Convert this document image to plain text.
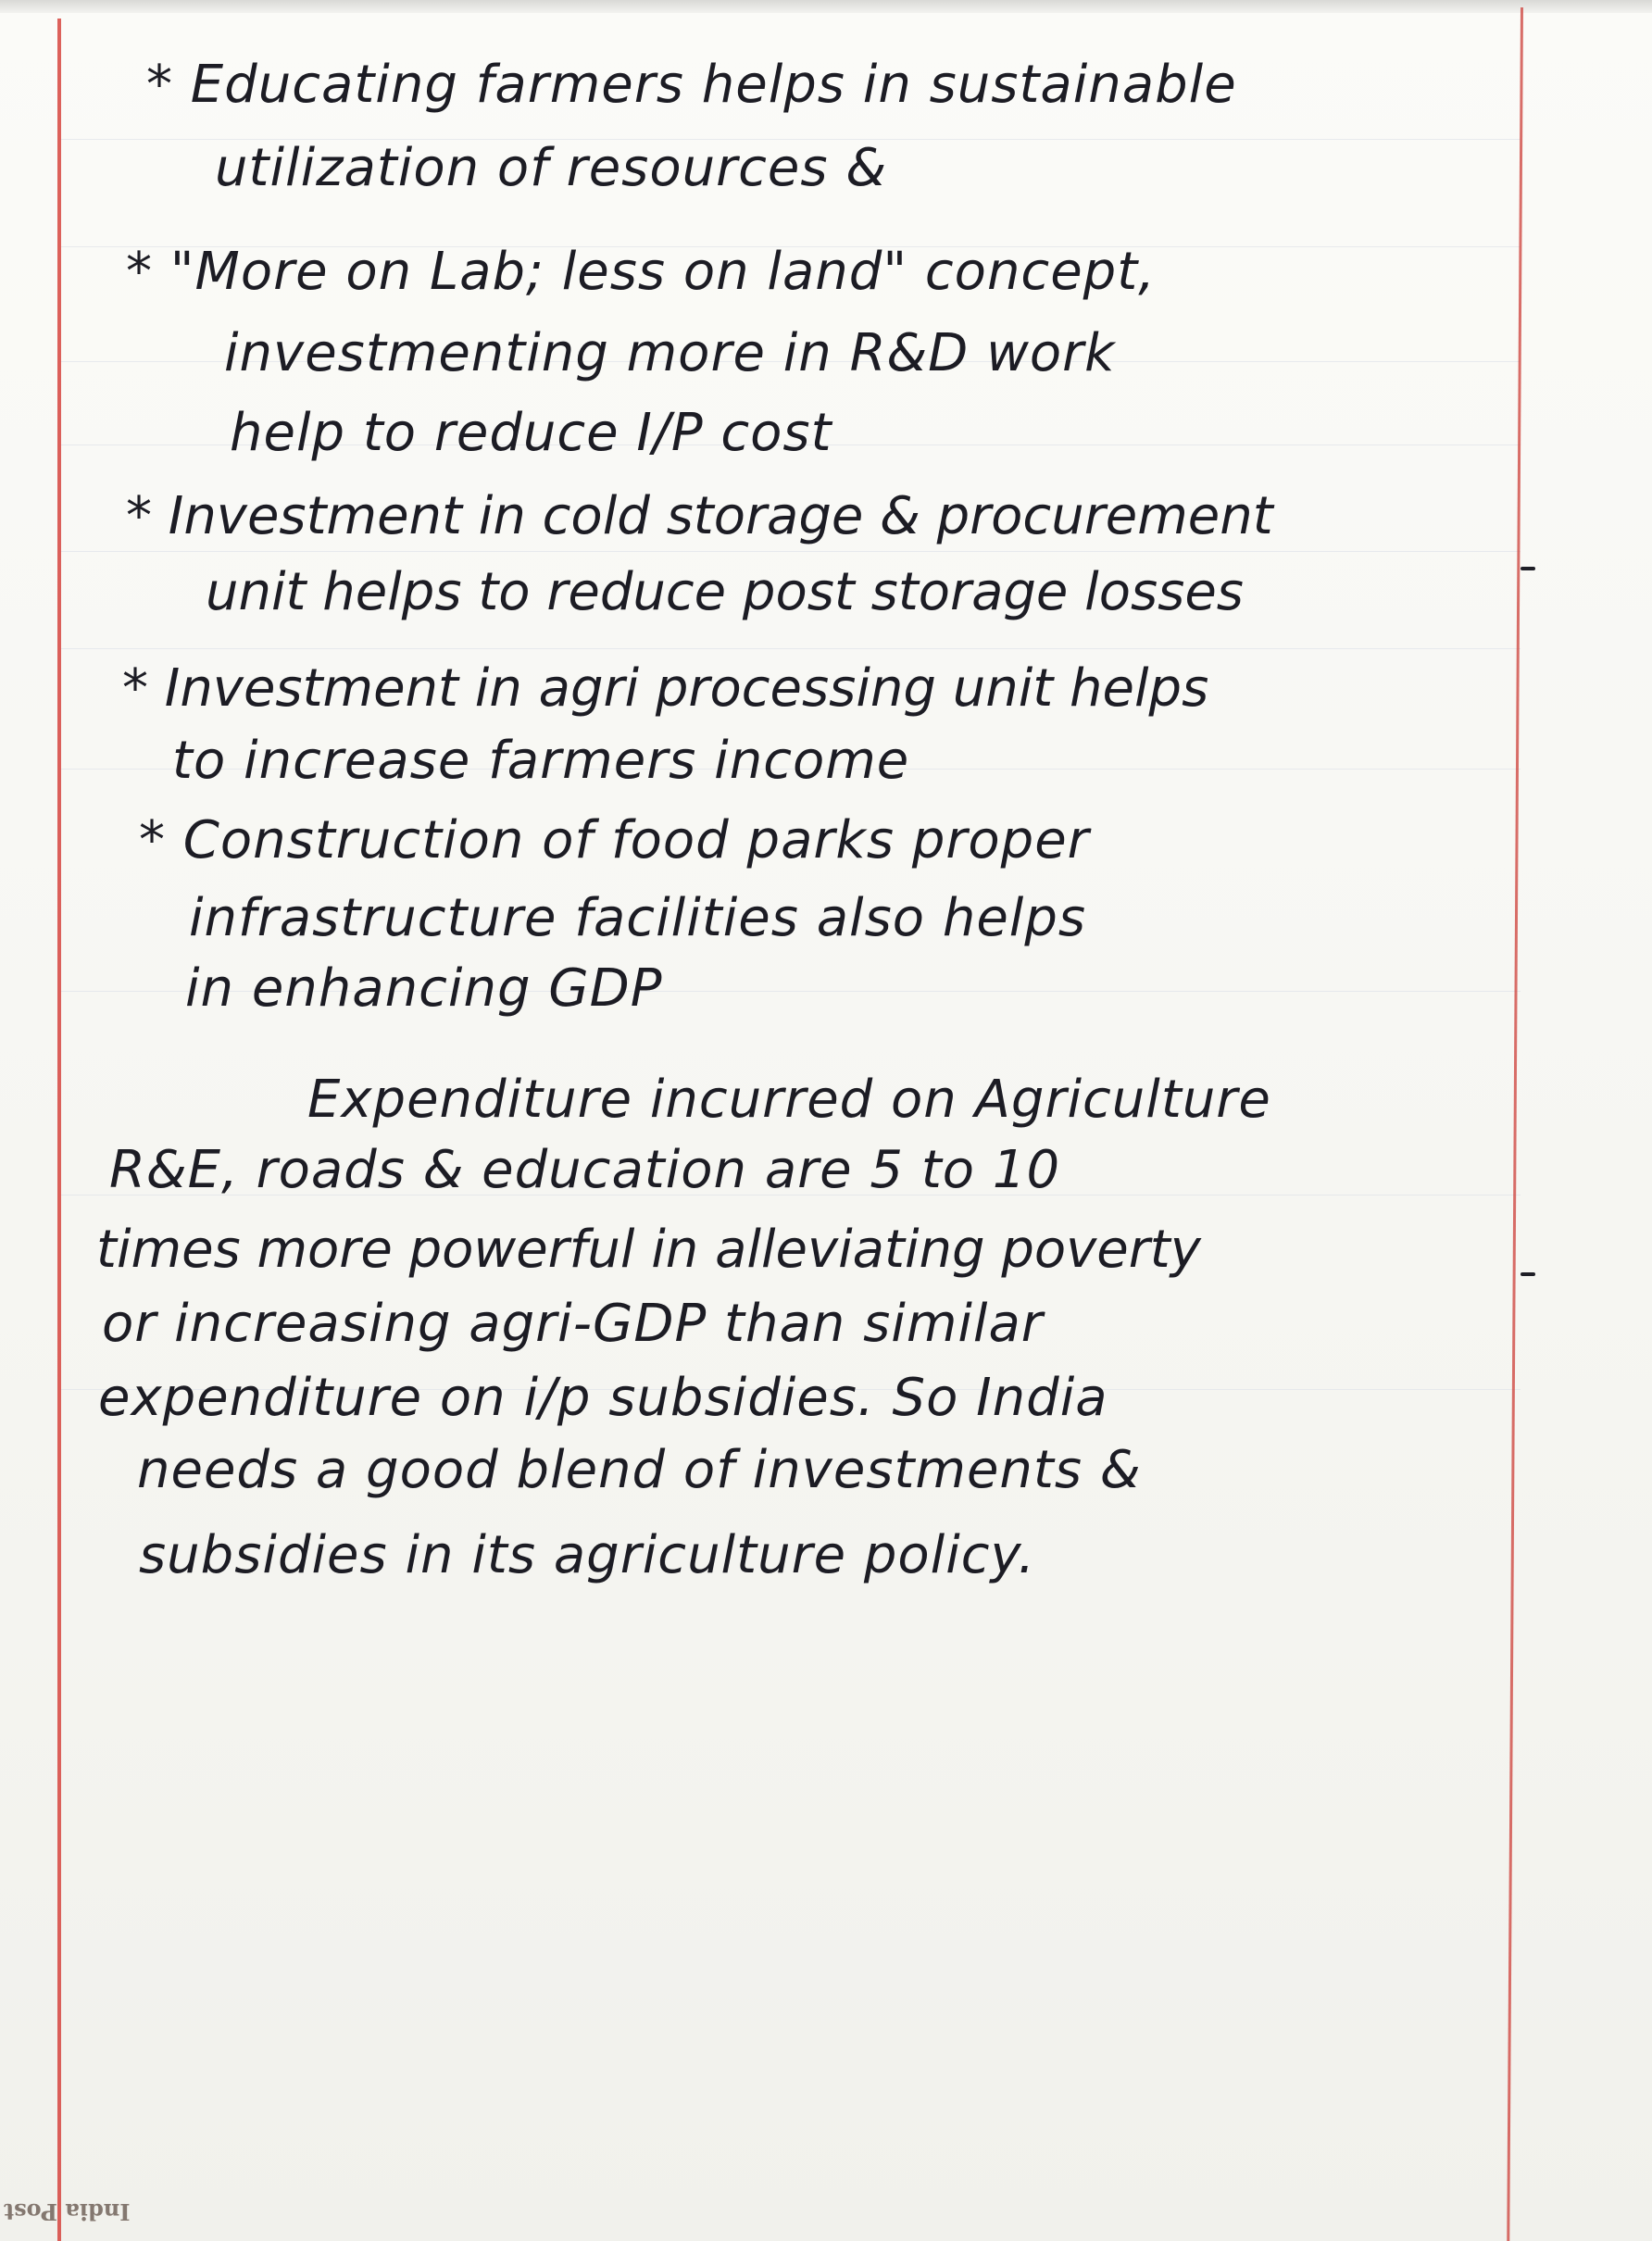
* Educating farmers helps in sustainable

utilization of resources &

* "More on Lab; less on land" concept,

investmenting more in R&D work

help to reduce I/P cost

* Investment in cold storage & procurement

unit helps to reduce post storage losses

* Investment in agri processing unit helps

to increase farmers income

* Construction of food parks proper

infrastructure facilities also helps

in enhancing GDP

Expenditure incurred on Agriculture

R&E, roads & education are 5 to 10

times more powerful in alleviating poverty

or increasing agri-GDP than similar

expenditure on i/p subsidies. So India

needs a good blend of investments &

subsidies in its agriculture policy.

India Post
